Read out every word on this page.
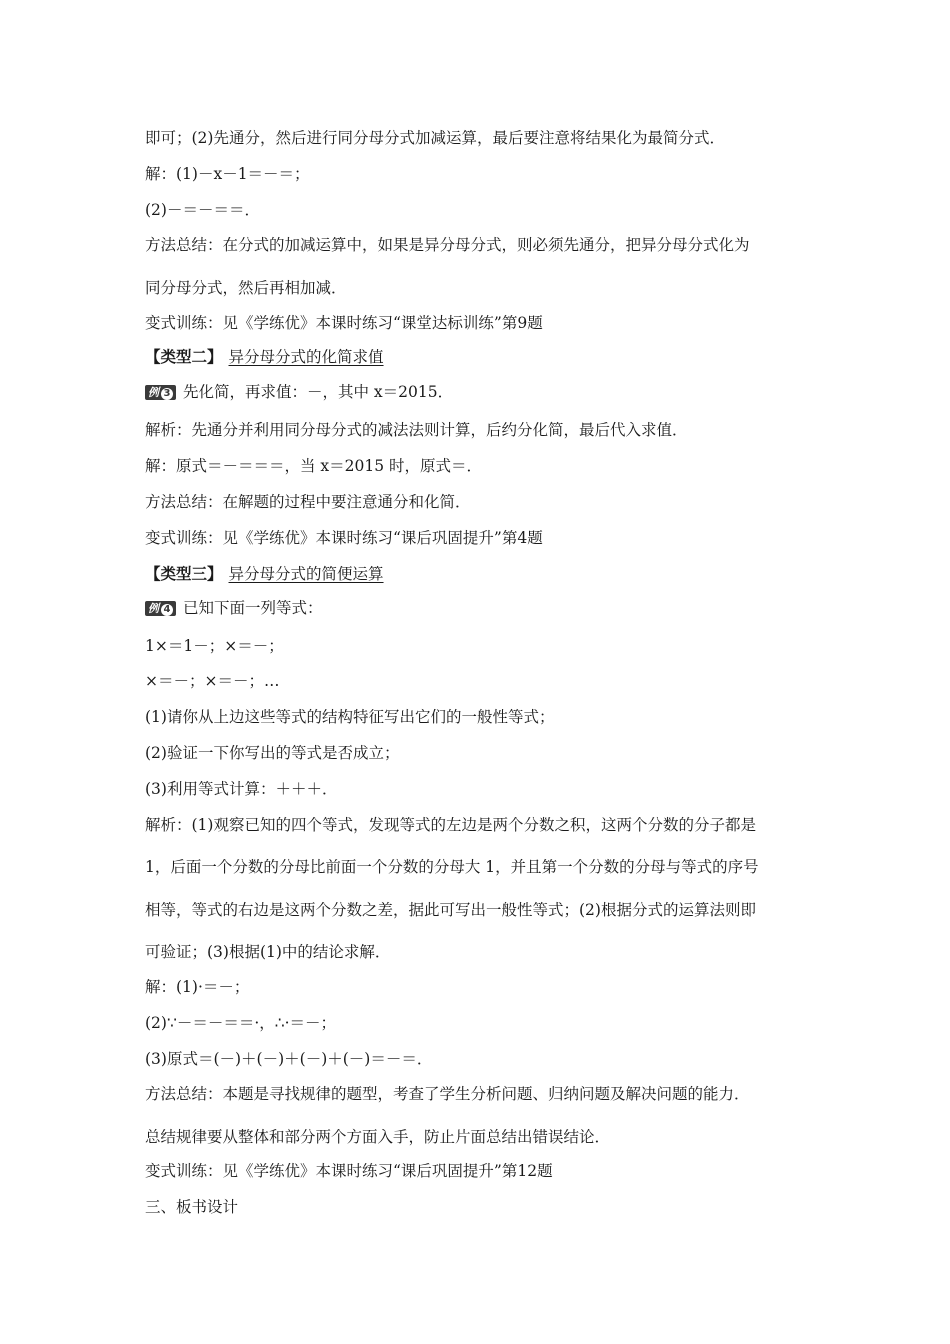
即可；(2)先通分，然后进行同分母分式加减运算，最后要注意将结果化为最简分式．
解：(1)－x－1＝－＝；
(2)－＝－＝＝．
方法总结：在分式的加减运算中，如果是异分母分式，则必须先通分，把异分母分式化为
同分母分式，然后再相加减．
变式训练：见《学练优》本课时练习“课堂达标训练”第9题
【类型二】 异分母分式的化简求值
例 3 先化简，再求值：－，其中 x＝2015．
解析：先通分并利用同分母分式的减法法则计算，后约分化简，最后代入求值．
解：原式＝－＝＝＝，当 x＝2015 时，原式＝．
方法总结：在解题的过程中要注意通分和化简．
变式训练：见《学练优》本课时练习“课后巩固提升”第4题
【类型三】 异分母分式的简便运算
例 4 已知下面一列等式：
1×＝1－；×＝－；
×＝－；×＝－；…
(1)请你从上边这些等式的结构特征写出它们的一般性等式；
(2)验证一下你写出的等式是否成立；
(3)利用等式计算：＋＋＋．
解析：(1)观察已知的四个等式，发现等式的左边是两个分数之积，这两个分数的分子都是
1，后面一个分数的分母比前面一个分数的分母大 1，并且第一个分数的分母与等式的序号
相等，等式的右边是这两个分数之差，据此可写出一般性等式；(2)根据分式的运算法则即
可验证；(3)根据(1)中的结论求解．
解：(1)·＝－；
(2)∵－＝－＝＝·，∴·＝－；
(3)原式＝(－)＋(－)＋(－)＋(－)＝－＝．
方法总结：本题是寻找规律的题型，考查了学生分析问题、归纳问题及解决问题的能力．
总结规律要从整体和部分两个方面入手，防止片面总结出错误结论．
变式训练：见《学练优》本课时练习“课后巩固提升”第12题
三、板书设计
